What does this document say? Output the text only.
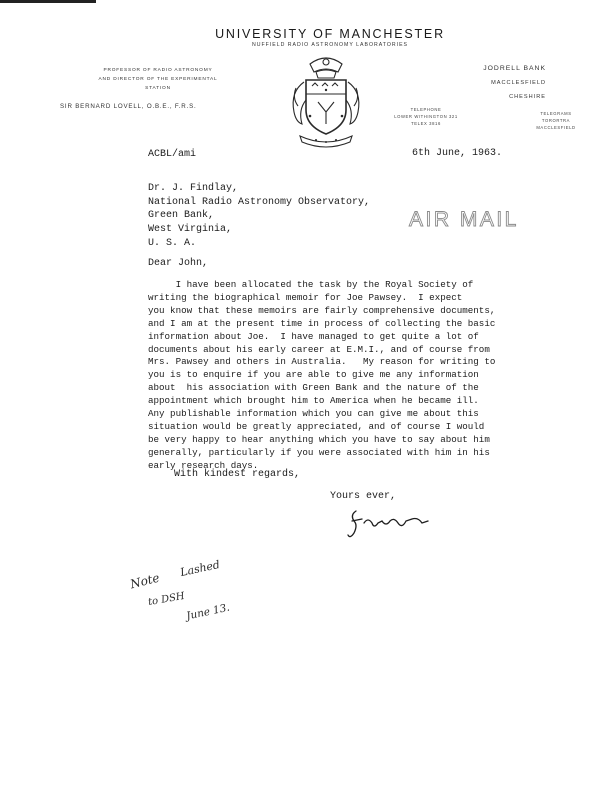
UNIVERSITY OF MANCHESTER
NUFFIELD RADIO ASTRONOMY LABORATORIES
PROFESSOR OF RADIO ASTRONOMY
AND DIRECTOR OF THE EXPERIMENTAL
STATION
SIR BERNARD LOVELL, O.B.E., F.R.S.
JODRELL BANK
MACCLESFIELD
CHESHIRE
TELEPHONE
LOWER WITHINGTON 321
TELEX 3816
TELEGRAMS
TORORTRA
MACCLESFIELD
ACBL/ami	6th June, 1963.
Dr. J. Findlay,
National Radio Astronomy Observatory,
Green Bank,
West Virginia,
U. S. A.
AIR MAIL
Dear John,
I have been allocated the task by the Royal Society of
writing the biographical memoir for Joe Pawsey.  I expect
you know that these memoirs are fairly comprehensive documents,
and I am at the present time in process of collecting the basic
information about Joe.  I have managed to get quite a lot of
documents about his early career at E.M.I., and of course from
Mrs. Pawsey and others in Australia.   My reason for writing to
you is to enquire if you are able to give me any information
about  his association with Green Bank and the nature of the
appointment which brought him to America when he became ill.
Any publishable information which you can give me about this
situation would be greatly appreciated, and of course I would
be very happy to hear anything which you have to say about him
generally, particularly if you were associated with him in his
early research days.
With kindest regards,
Yours ever,
Note
Lashed
to DSH
June 13.
